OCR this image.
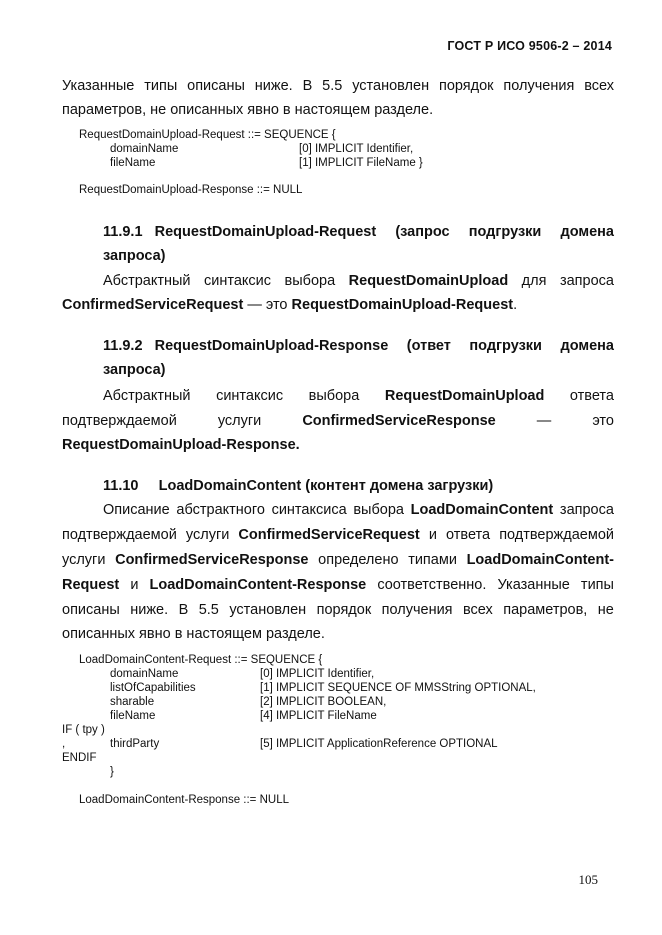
ГОСТ Р ИСО 9506-2 – 2014
Указанные типы описаны ниже. В 5.5 установлен порядок получения всех
параметров, не описанных явно в настоящем разделе.
RequestDomainUpload-Request ::= SEQUENCE {
domainName	[0] IMPLICIT Identifier,
fileName	[1] IMPLICIT FileName }
RequestDomainUpload-Response ::= NULL
11.9.1 RequestDomainUpload-Request (запрос подгрузки домена
запроса)
Абстрактный синтаксис выбора RequestDomainUpload для запроса
ConfirmedServiceRequest — это RequestDomainUpload-Request.
11.9.2 RequestDomainUpload-Response (ответ подгрузки домена
запроса)
Абстрактный синтаксис выбора RequestDomainUpload ответа
подтверждаемой	услуги	ConfirmedServiceResponse	—	это
RequestDomainUpload-Response.
11.10 LoadDomainContent (контент домена загрузки)
Описание абстрактного синтаксиса выбора LoadDomainContent запроса
подтверждаемой услуги ConfirmedServiceRequest и ответа подтверждаемой
услуги ConfirmedServiceResponse определено типами LoadDomainContent-
Request и LoadDomainContent-Response соответственно. Указанные типы
описаны ниже. В 5.5 установлен порядок получения всех параметров, не
описанных явно в настоящем разделе.
LoadDomainContent-Request ::= SEQUENCE {
domainName	[0] IMPLICIT Identifier,
listOfCapabilities	[1] IMPLICIT SEQUENCE OF MMSString OPTIONAL,
sharable	[2] IMPLICIT BOOLEAN,
fileName	[4] IMPLICIT FileName
IF ( tpy )
,	thirdParty	[5] IMPLICIT ApplicationReference OPTIONAL
ENDIF
}
LoadDomainContent-Response ::= NULL
105
